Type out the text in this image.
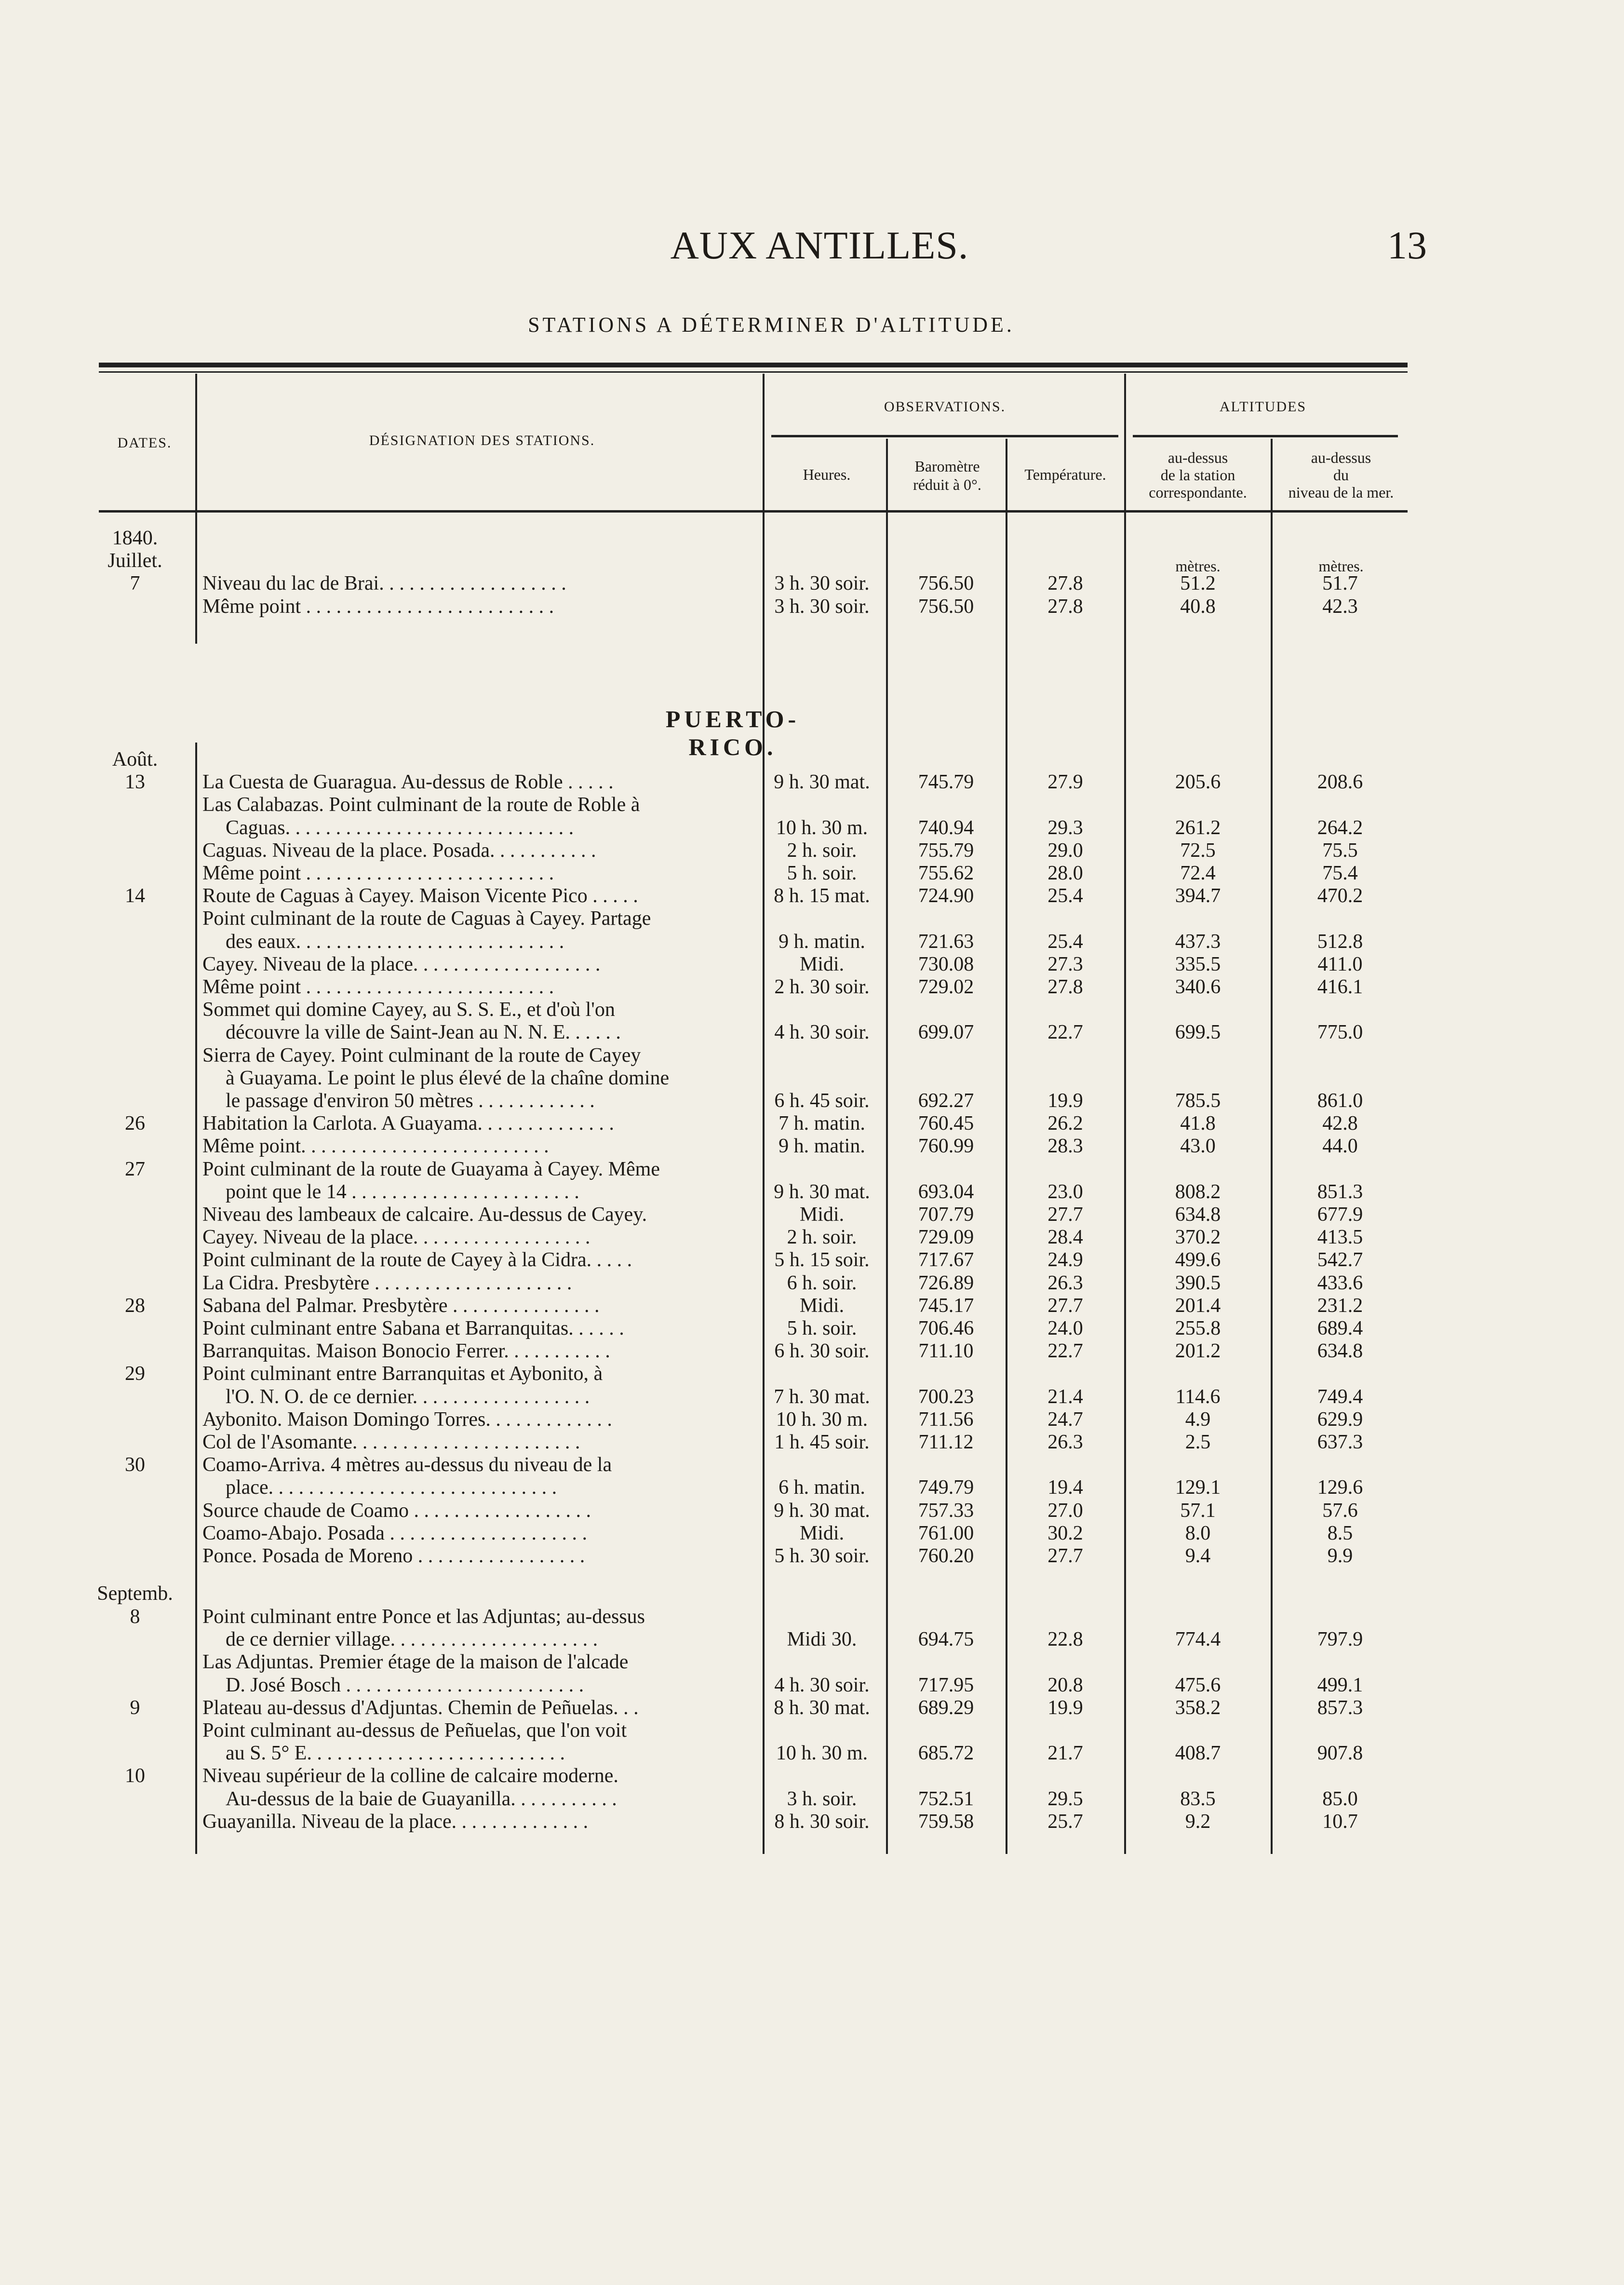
AUX ANTILLES.	13
STATIONS A DÉTERMINER D'ALTITUDE.
DATES.	DÉSIGNATION DES STATIONS.
OBSERVATIONS.	ALTITUDES
Heures.	Baromètre
réduit à 0°.
Température.
au-dessus
de la station
correspondante.
au-dessus
du
niveau de la mer.
mètres.	mètres.
PUERTO-RICO.
1840.
Juillet.
7	Niveau du lac de Brai. . . . . . . . . . . . . . . . . . .	3 h. 30 soir.	756.50	27.8	51.2	51.7
Même point . . . . . . . . . . . . . . . . . . . . . . . . .	3 h. 30 soir.	756.50	27.8	40.8	42.3
Août.
13	La Cuesta de Guaragua. Au-dessus de Roble . . . . .	9 h. 30 mat.	745.79	27.9	205.6	208.6
Las Calabazas. Point culminant de la route de Roble à
Caguas. . . . . . . . . . . . . . . . . . . . . . . . . . . . .	10 h. 30 m.	740.94	29.3	261.2	264.2
Caguas. Niveau de la place. Posada. . . . . . . . . . .	2 h. soir.	755.79	29.0	72.5	75.5
Même point . . . . . . . . . . . . . . . . . . . . . . . . .	5 h. soir.	755.62	28.0	72.4	75.4
14	Route de Caguas à Cayey. Maison Vicente Pico . . . . .	8 h. 15 mat.	724.90	25.4	394.7	470.2
Point culminant de la route de Caguas à Cayey. Partage
des eaux. . . . . . . . . . . . . . . . . . . . . . . . . . .	9 h. matin.	721.63	25.4	437.3	512.8
Cayey. Niveau de la place. . . . . . . . . . . . . . . . . . .	Midi.	730.08	27.3	335.5	411.0
Même point . . . . . . . . . . . . . . . . . . . . . . . . .	2 h. 30 soir.	729.02	27.8	340.6	416.1
Sommet qui domine Cayey, au S. S. E., et d'où l'on
découvre la ville de Saint-Jean au N. N. E. . . . . .	4 h. 30 soir.	699.07	22.7	699.5	775.0
Sierra de Cayey. Point culminant de la route de Cayey
à Guayama. Le point le plus élevé de la chaîne domine
le passage d'environ 50 mètres . . . . . . . . . . . .	6 h. 45 soir.	692.27	19.9	785.5	861.0
26	Habitation la Carlota. A Guayama. . . . . . . . . . . . . .	7 h. matin.	760.45	26.2	41.8	42.8
Même point. . . . . . . . . . . . . . . . . . . . . . . . .	9 h. matin.	760.99	28.3	43.0	44.0
27	Point culminant de la route de Guayama à Cayey. Même
point que le 14 . . . . . . . . . . . . . . . . . . . . . . .	9 h. 30 mat.	693.04	23.0	808.2	851.3
Niveau des lambeaux de calcaire. Au-dessus de Cayey.	Midi.	707.79	27.7	634.8	677.9
Cayey. Niveau de la place. . . . . . . . . . . . . . . . . .	2 h. soir.	729.09	28.4	370.2	413.5
Point culminant de la route de Cayey à la Cidra. . . . .	5 h. 15 soir.	717.67	24.9	499.6	542.7
La Cidra. Presbytère . . . . . . . . . . . . . . . . . . . .	6 h. soir.	726.89	26.3	390.5	433.6
28	Sabana del Palmar. Presbytère . . . . . . . . . . . . . . .	Midi.	745.17	27.7	201.4	231.2
Point culminant entre Sabana et Barranquitas. . . . . .	5 h. soir.	706.46	24.0	255.8	689.4
Barranquitas. Maison Bonocio Ferrer. . . . . . . . . . .	6 h. 30 soir.	711.10	22.7	201.2	634.8
29	Point culminant entre Barranquitas et Aybonito, à
l'O. N. O. de ce dernier. . . . . . . . . . . . . . . . . .	7 h. 30 mat.	700.23	21.4	114.6	749.4
Aybonito. Maison Domingo Torres. . . . . . . . . . . . .	10 h. 30 m.	711.56	24.7	4.9	629.9
Col de l'Asomante. . . . . . . . . . . . . . . . . . . . . . .	1 h. 45 soir.	711.12	26.3	2.5	637.3
30	Coamo-Arriva. 4 mètres au-dessus du niveau de la
place. . . . . . . . . . . . . . . . . . . . . . . . . . . . .	6 h. matin.	749.79	19.4	129.1	129.6
Source chaude de Coamo . . . . . . . . . . . . . . . . . .	9 h. 30 mat.	757.33	27.0	57.1	57.6
Coamo-Abajo. Posada . . . . . . . . . . . . . . . . . . . .	Midi.	761.00	30.2	8.0	8.5
Ponce. Posada de Moreno . . . . . . . . . . . . . . . . .	5 h. 30 soir.	760.20	27.7	9.4	9.9
Septemb.
8	Point culminant entre Ponce et las Adjuntas; au-dessus
de ce dernier village. . . . . . . . . . . . . . . . . . . . .	Midi 30.	694.75	22.8	774.4	797.9
Las Adjuntas. Premier étage de la maison de l'alcade
D. José Bosch . . . . . . . . . . . . . . . . . . . . . . . .	4 h. 30 soir.	717.95	20.8	475.6	499.1
9	Plateau au-dessus d'Adjuntas. Chemin de Peñuelas. . .	8 h. 30 mat.	689.29	19.9	358.2	857.3
Point culminant au-dessus de Peñuelas, que l'on voit
au S. 5° E. . . . . . . . . . . . . . . . . . . . . . . . . .	10 h. 30 m.	685.72	21.7	408.7	907.8
10	Niveau supérieur de la colline de calcaire moderne.
Au-dessus de la baie de Guayanilla. . . . . . . . . . .	3 h. soir.	752.51	29.5	83.5	85.0
Guayanilla. Niveau de la place. . . . . . . . . . . . . .	8 h. 30 soir.	759.58	25.7	9.2	10.7
